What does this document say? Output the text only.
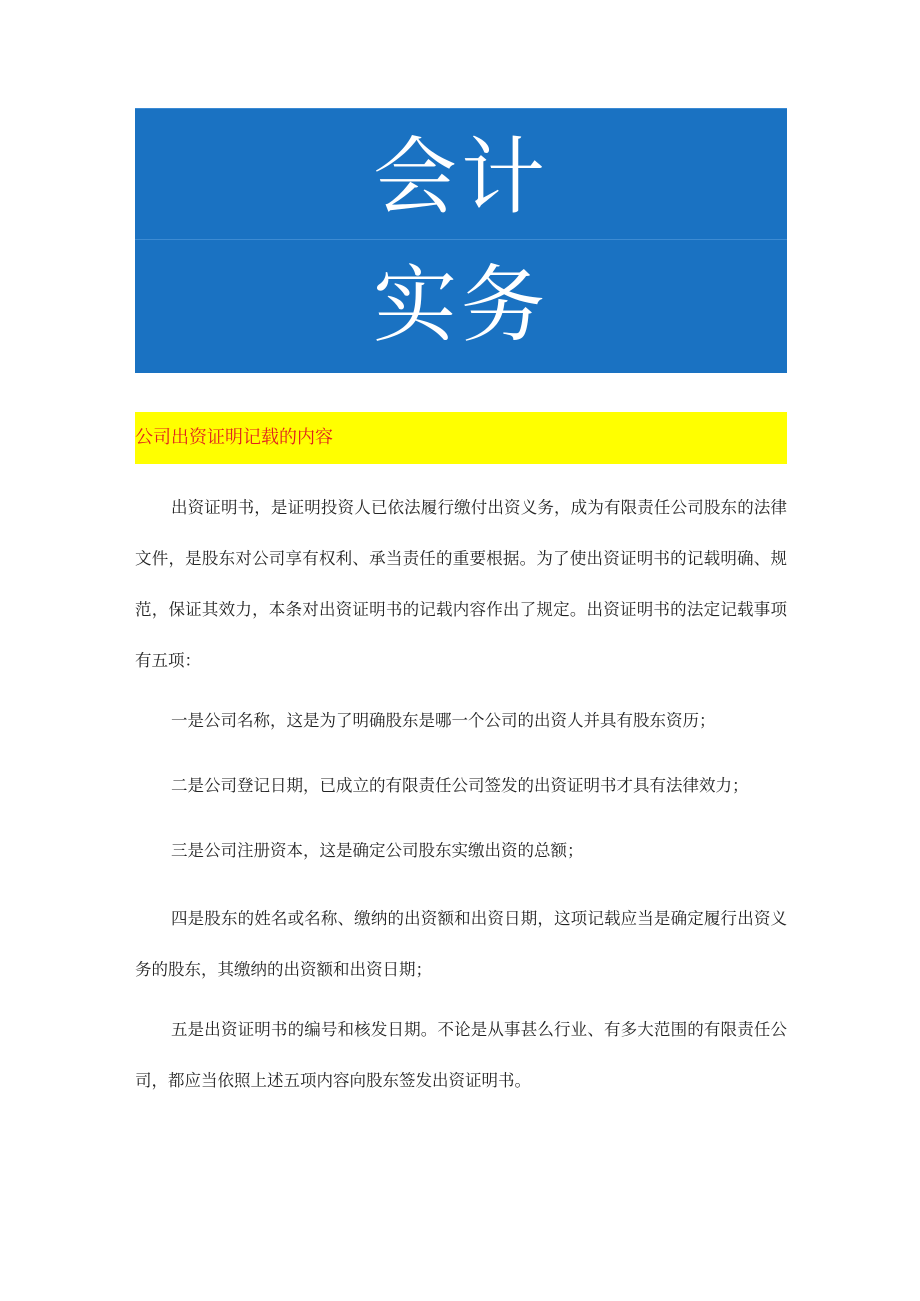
会计
实务
公司出资证明记载的内容

出资证明书，是证明投资人已依法履行缴付出资义务，成为有限责任公司股东的法律文件，是股东对公司享有权利、承当责任的重要根据。为了使出资证明书的记载明确、规范，保证其效力，本条对出资证明书的记载内容作出了规定。出资证明书的法定记载事项有五项：

一是公司名称，这是为了明确股东是哪一个公司的出资人并具有股东资历；

二是公司登记日期，已成立的有限责任公司签发的出资证明书才具有法律效力；

三是公司注册资本，这是确定公司股东实缴出资的总额；

四是股东的姓名或名称、缴纳的出资额和出资日期，这项记载应当是确定履行出资义务的股东，其缴纳的出资额和出资日期；

五是出资证明书的编号和核发日期。不论是从事甚么行业、有多大范围的有限责任公司，都应当依照上述五项内容向股东签发出资证明书。
